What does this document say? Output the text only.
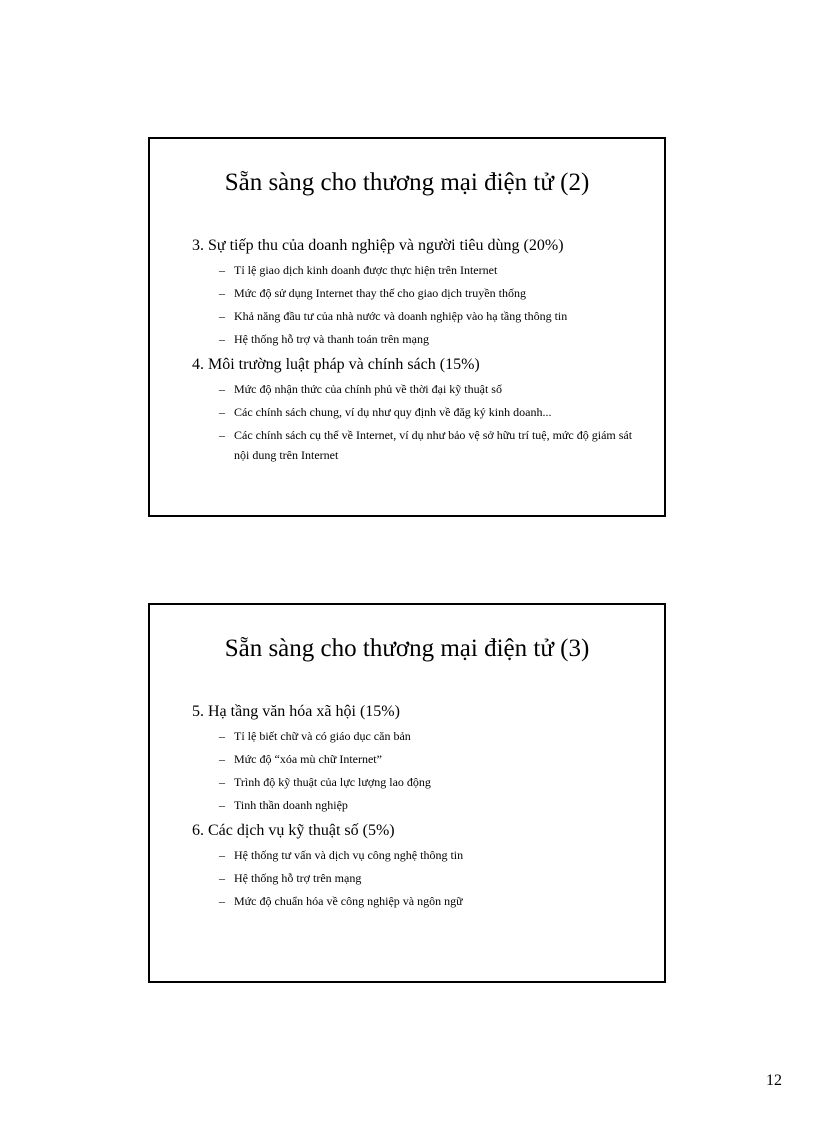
Sẵn sàng cho thương mại điện tử (2)

3. Sự tiếp thu của doanh nghiệp và người tiêu dùng (20%)

– Tỉ lệ giao dịch kinh doanh được thực hiện trên Internet
– Mức độ sử dụng Internet thay thế cho giao dịch truyền thống
– Khả năng đầu tư của nhà nước và doanh nghiệp vào hạ tầng thông tin
– Hệ thống hỗ trợ và thanh toán trên mạng

4. Môi trường luật pháp và chính sách (15%)

– Mức độ nhận thức của chính phủ về thời đại kỹ thuật số
– Các chính sách chung, ví dụ như quy định về đăg ký kinh doanh...
– Các chính sách cụ thể về Internet, ví dụ như bảo vệ sở hữu trí tuệ, mức độ giám sát nội dung trên Internet
Sẵn sàng cho thương mại điện tử (3)

5. Hạ tầng văn hóa xã hội (15%)

– Tỉ lệ biết chữ và có giáo dục căn bản
– Mức độ “xóa mù chữ Internet”
– Trình độ kỹ thuật của lực lượng lao động
– Tinh thần doanh nghiệp

6. Các dịch vụ kỹ thuật số (5%)

– Hệ thống tư vấn và dịch vụ công nghệ thông tin
– Hệ thống hỗ trợ trên mạng
– Mức độ chuẩn hóa về công nghiệp và ngôn ngữ
12
